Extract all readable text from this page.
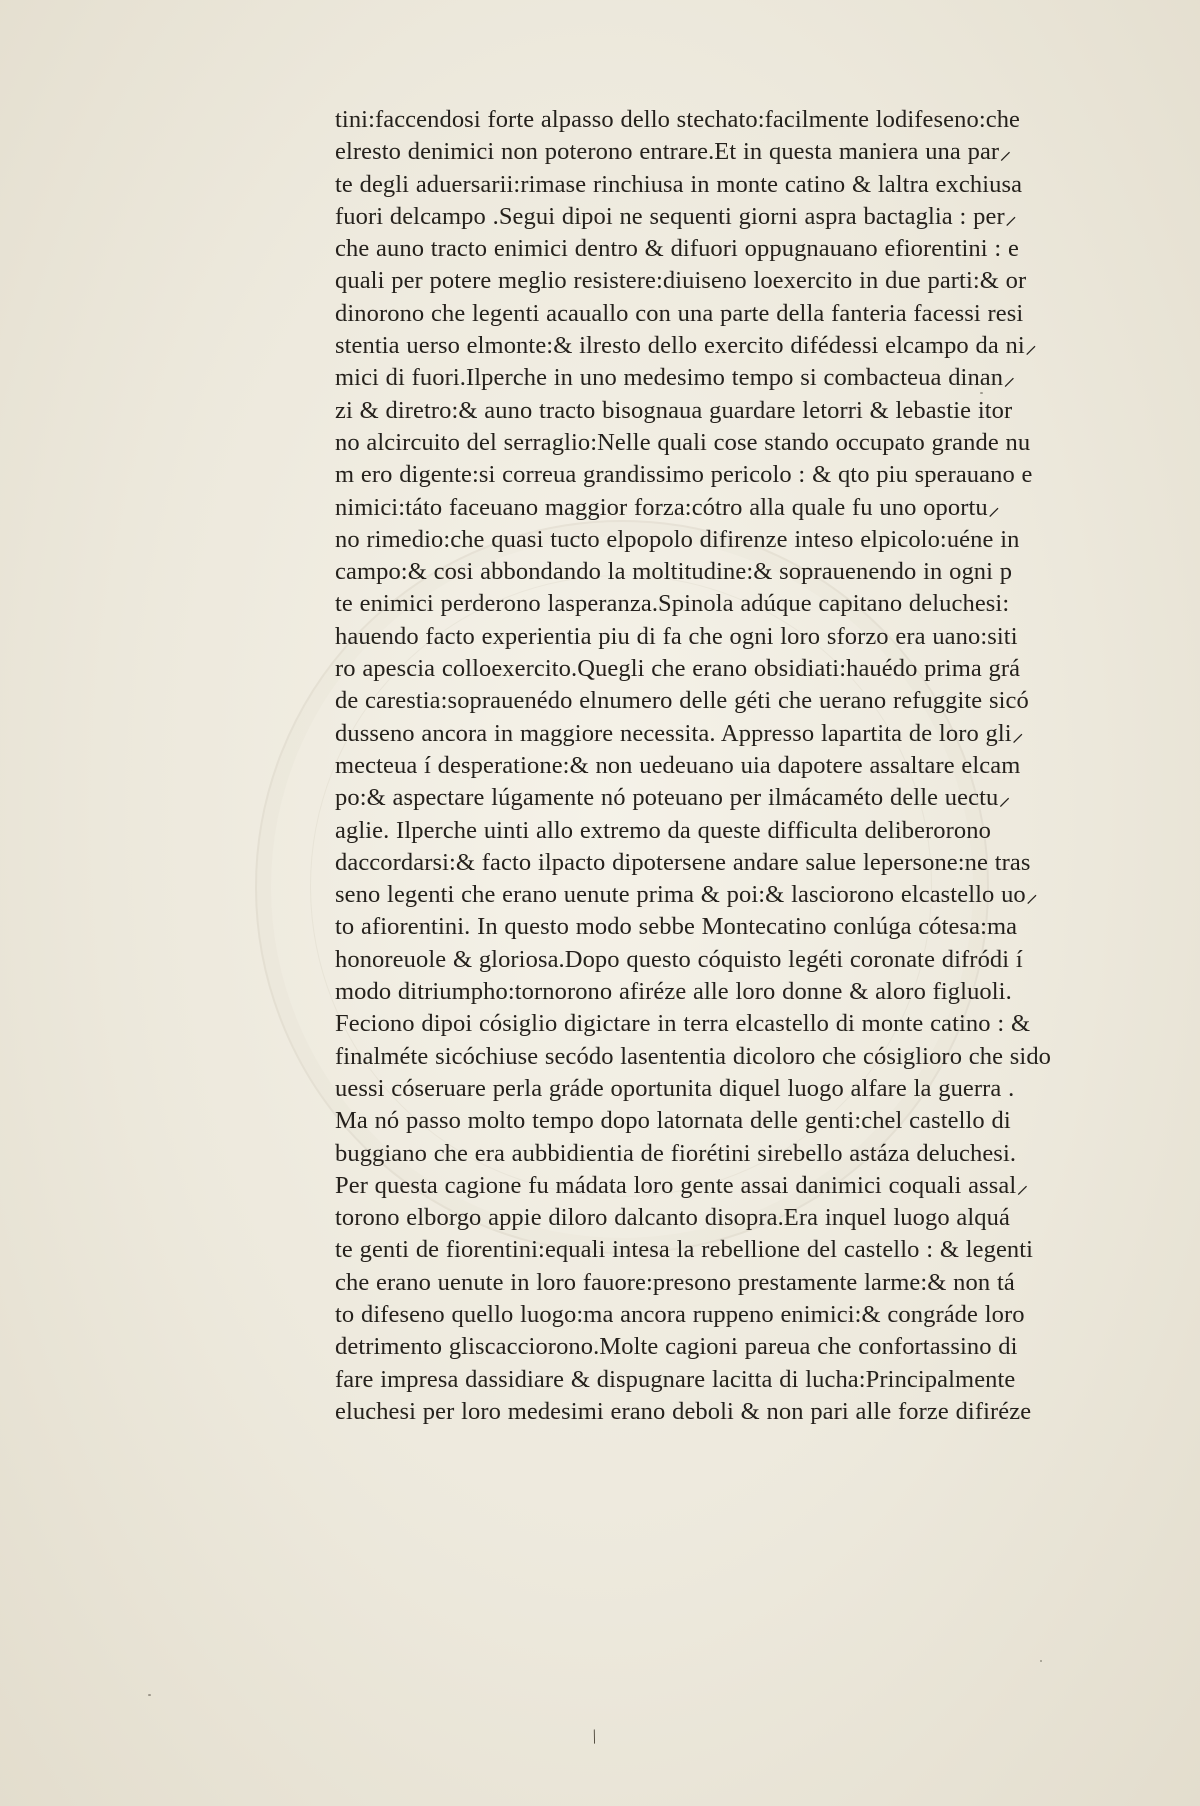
tini:faccendosi forte alpasso dello stechato:facilmente lodifeseno:che
elresto denimici non poterono entrare.Et in questa maniera una par⸝
te degli aduersarii:rimase rinchiusa in monte catino & laltra exchiusa
fuori delcampo .Segui dipoi ne sequenti giorni aspra bactaglia : per⸝
che auno tracto enimici dentro & difuori oppugnauano efiorentini : e
quali per potere meglio resistere:diuiseno loexercito in due parti:& or
dinorono che legenti acauallo con una parte della fanteria facessi resi
stentia uerso elmonte:& ilresto dello exercito difédessi elcampo da ni⸝
mici di fuori.Ilperche in uno medesimo tempo si combacteua dinan⸝
zi & diretro:& auno tracto bisognaua guardare letorri & lebastie itor
no alcircuito del serraglio:Nelle quali cose stando occupato grande nu
m ero digente:si correua grandissimo pericolo : & qto piu sperauano e
nimici:táto faceuano maggior forza:cótro alla quale fu uno oportu⸝
no rimedio:che quasi tucto elpopolo difirenze inteso elpicolo:uéne in
campo:& cosi abbondando la moltitudine:& soprauenendo in ogni p
te enimici perderono lasperanza.Spinola adúque capitano deluchesi:
hauendo facto experientia piu di fa che ogni loro sforzo era uano:siti
ro apescia colloexercito.Quegli che erano obsidiati:hauédo prima grá
de carestia:soprauenédo elnumero delle géti che uerano refuggite sicó
dusseno ancora in maggiore necessita. Appresso lapartita de loro gli⸝
mecteua í desperatione:& non uedeuano uia dapotere assaltare elcam
po:& aspectare lúgamente nó poteuano per ilmácaméto delle uectu⸝
aglie. Ilperche uinti allo extremo da queste difficulta deliberorono
daccordarsi:& facto ilpacto dipotersene andare salue lepersone:ne tras
seno legenti che erano uenute prima & poi:& lasciorono elcastello uo⸝
to afiorentini. In questo modo sebbe Montecatino conlúga cótesa:ma
honoreuole & gloriosa.Dopo questo cóquisto legéti coronate difródi í
modo ditriumpho:tornorono afiréze alle loro donne & aloro figluoli.
Feciono dipoi cósiglio digictare in terra elcastello di monte catino : &
finalméte sicóchiuse secódo lasententia dicoloro che cósiglioro che sido
uessi cóseruare perla gráde oportunita diquel luogo alfare la guerra .
Ma nó passo molto tempo dopo latornata delle genti:chel castello di
buggiano che era aubbidientia de fiorétini sirebello astáza deluchesi.
Per questa cagione fu mádata loro gente assai danimici coquali assal⸝
torono elborgo appie diloro dalcanto disopra.Era inquel luogo alquá
te genti de fiorentini:equali intesa la rebellione del castello : & legenti
che erano uenute in loro fauore:presono prestamente larme:& non tá
to difeseno quello luogo:ma ancora ruppeno enimici:& congráde loro
detrimento gliscacciorono.Molte cagioni pareua che confortassino di
fare impresa dassidiare & dispugnare lacitta di lucha:Principalmente
eluchesi per loro medesimi erano deboli & non pari alle forze difiréze
/
